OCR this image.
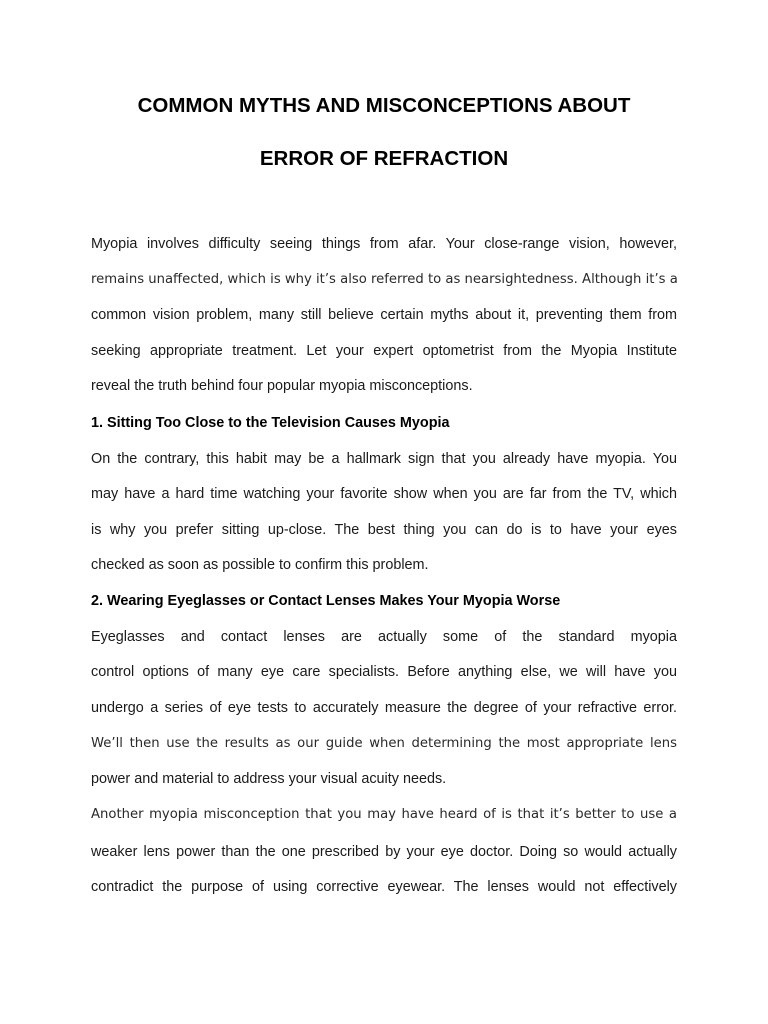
COMMON MYTHS AND MISCONCEPTIONS ABOUT
ERROR OF REFRACTION
Myopia involves difficulty seeing things from afar. Your close-range vision, however,
remains unaffected, which is why it’s also referred to as nearsightedness. Although it’s a
common vision problem, many still believe certain myths about it, preventing them from
seeking appropriate treatment. Let your expert optometrist from the Myopia Institute
reveal the truth behind four popular myopia misconceptions.
1. Sitting Too Close to the Television Causes Myopia
On the contrary, this habit may be a hallmark sign that you already have myopia. You
may have a hard time watching your favorite show when you are far from the TV, which
is why you prefer sitting up-close. The best thing you can do is to have your eyes
checked as soon as possible to confirm this problem.
2. Wearing Eyeglasses or Contact Lenses Makes Your Myopia Worse
Eyeglasses and contact lenses are actually some of the standard myopia
control options of many eye care specialists. Before anything else, we will have you
undergo a series of eye tests to accurately measure the degree of your refractive error.
We’ll then use the results as our guide when determining the most appropriate lens
power and material to address your visual acuity needs.
Another myopia misconception that you may have heard of is that it’s better to use a
weaker lens power than the one prescribed by your eye doctor. Doing so would actually
contradict the purpose of using corrective eyewear. The lenses would not effectively
